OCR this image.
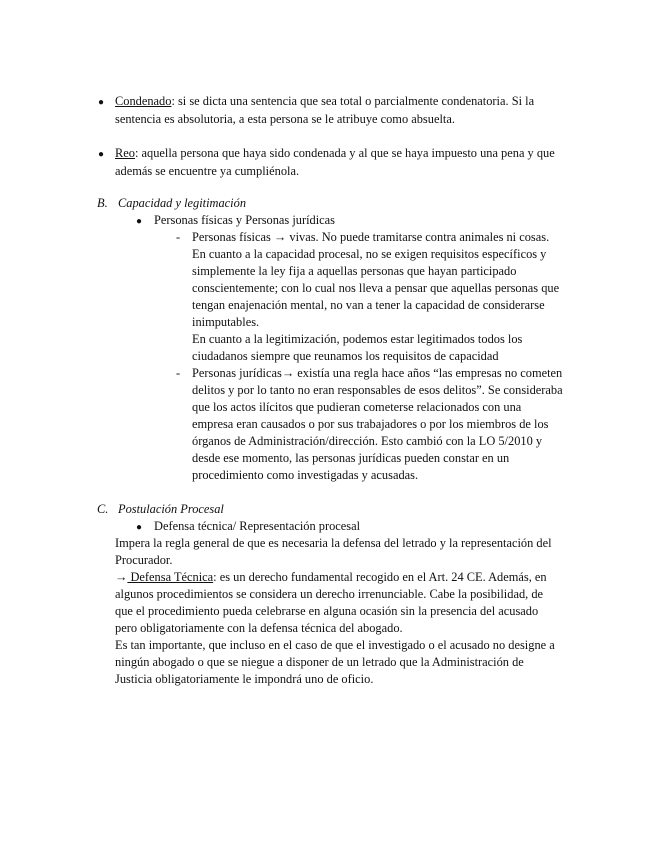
● Condenado: si se dicta una sentencia que sea total o parcialmente condenatoria. Si la
sentencia es absolutoria, a esta persona se le atribuye como absuelta.
● Reo: aquella persona que haya sido condenada y al que se haya impuesto una pena y que
además se encuentre ya cumpliénola.
B. Capacidad y legitimación
● Personas físicas y Personas jurídicas
- Personas físicas → vivas. No puede tramitarse contra animales ni cosas.
En cuanto a la capacidad procesal, no se exigen requisitos específicos y
simplemente la ley fija a aquellas personas que hayan participado
conscientemente; con lo cual nos lleva a pensar que aquellas personas que
tengan enajenación mental, no van a tener la capacidad de considerarse
inimputables.
En cuanto a la legitimización, podemos estar legitimados todos los
ciudadanos siempre que reunamos los requisitos de capacidad
- Personas jurídicas→ existía una regla hace años “las empresas no cometen
delitos y por lo tanto no eran responsables de esos delitos”. Se consideraba
que los actos ilícitos que pudieran cometerse relacionados con una
empresa eran causados o por sus trabajadores o por los miembros de los
órganos de Administración/dirección. Esto cambió con la LO 5/2010 y
desde ese momento, las personas jurídicas pueden constar en un
procedimiento como investigadas y acusadas.
C. Postulación Procesal
● Defensa técnica/ Representación procesal
Impera la regla general de que es necesaria la defensa del letrado y la representación del
Procurador.
→ Defensa Técnica: es un derecho fundamental recogido en el Art. 24 CE. Además, en
algunos procedimientos se considera un derecho irrenunciable. Cabe la posibilidad, de
que el procedimiento pueda celebrarse en alguna ocasión sin la presencia del acusado
pero obligatoriamente con la defensa técnica del abogado.
Es tan importante, que incluso en el caso de que el investigado o el acusado no designe a
ningún abogado o que se niegue a disponer de un letrado que la Administración de
Justicia obligatoriamente le impondrá uno de oficio.
